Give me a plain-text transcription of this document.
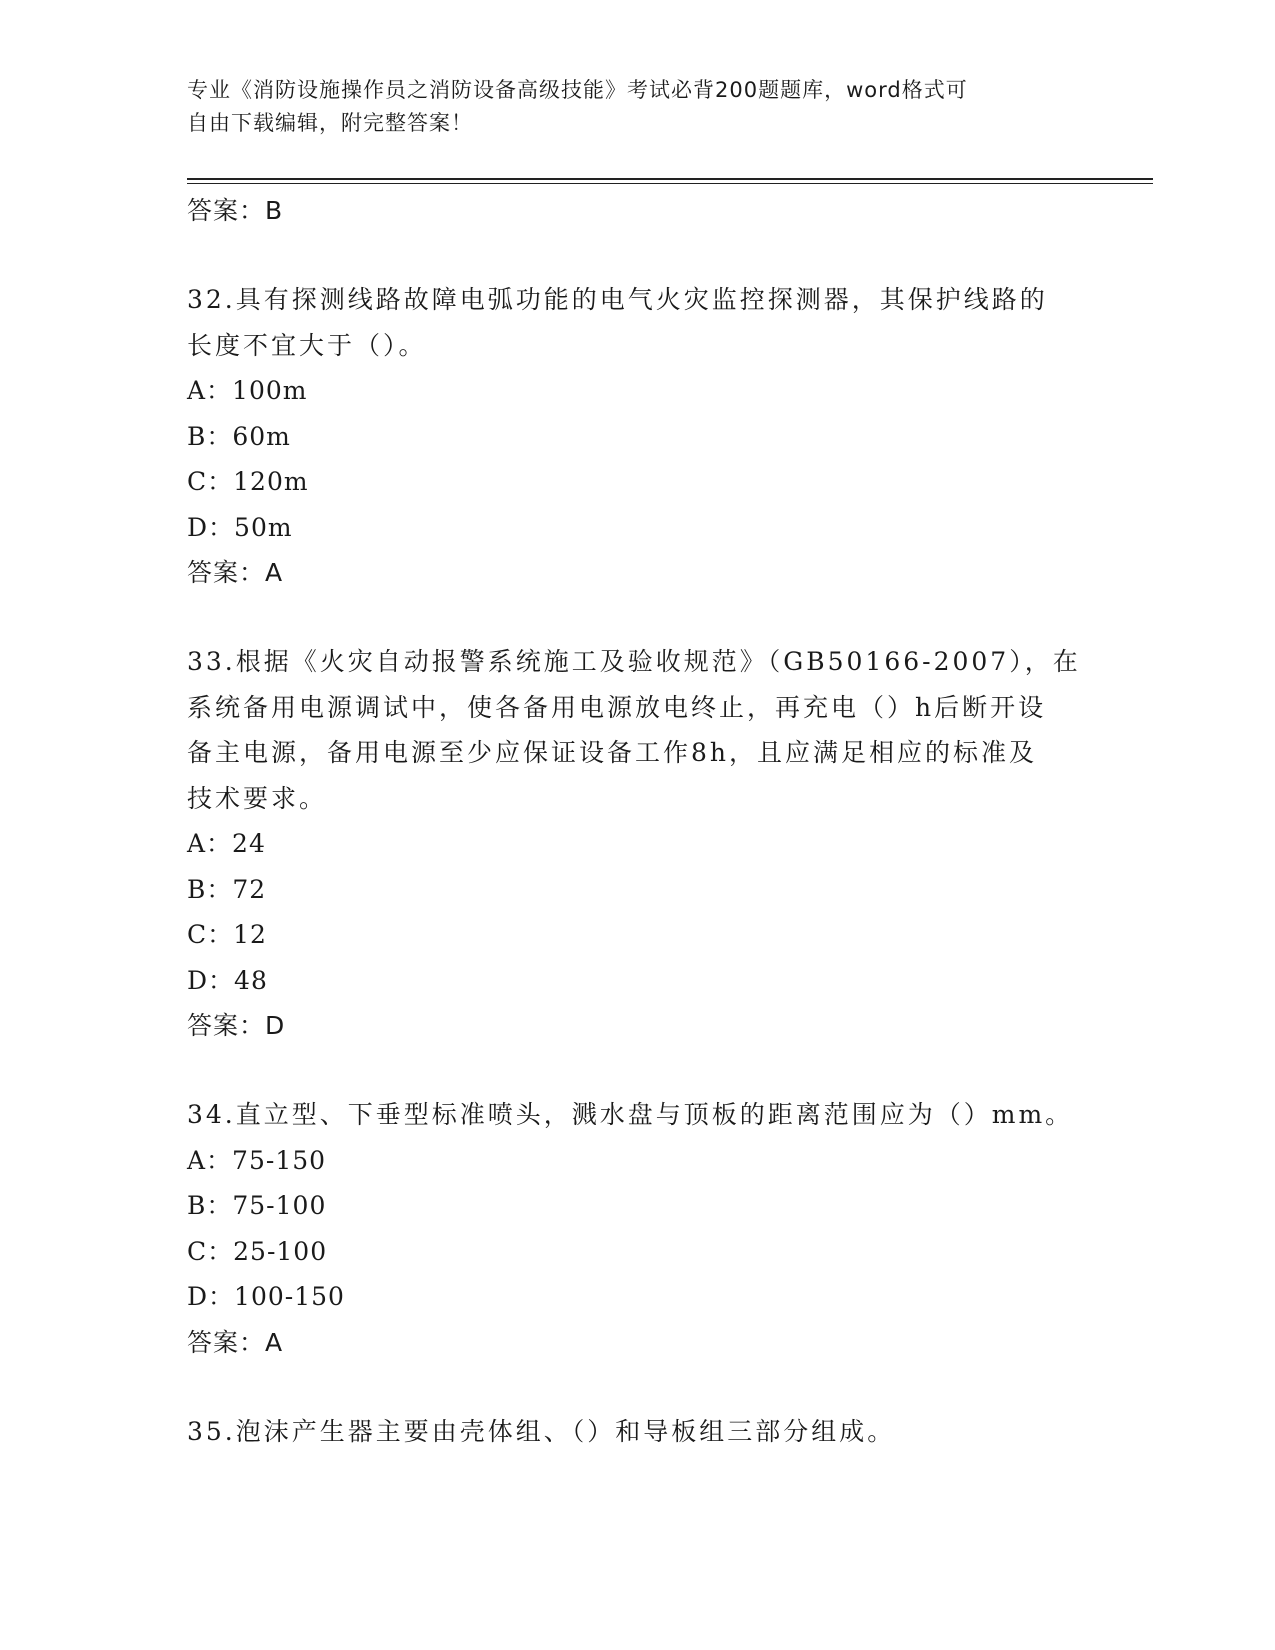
专业《消防设施操作员之消防设备高级技能》考试必背200题题库，word格式可
自由下载编辑，附完整答案！
答案：B
32.具有探测线路故障电弧功能的电气火灾监控探测器，其保护线路的
长度不宜大于（）。
A：100m
B：60m
C：120m
D：50m
答案：A
33.根据《火灾自动报警系统施工及验收规范》（GB50166-2007），在
系统备用电源调试中，使各备用电源放电终止，再充电（）h后断开设
备主电源，备用电源至少应保证设备工作8h，且应满足相应的标准及
技术要求。
A：24
B：72
C：12
D：48
答案：D
34.直立型、下垂型标准喷头，溅水盘与顶板的距离范围应为（）mm。
A：75-150
B：75-100
C：25-100
D：100-150
答案：A
35.泡沫产生器主要由壳体组、（）和导板组三部分组成。
